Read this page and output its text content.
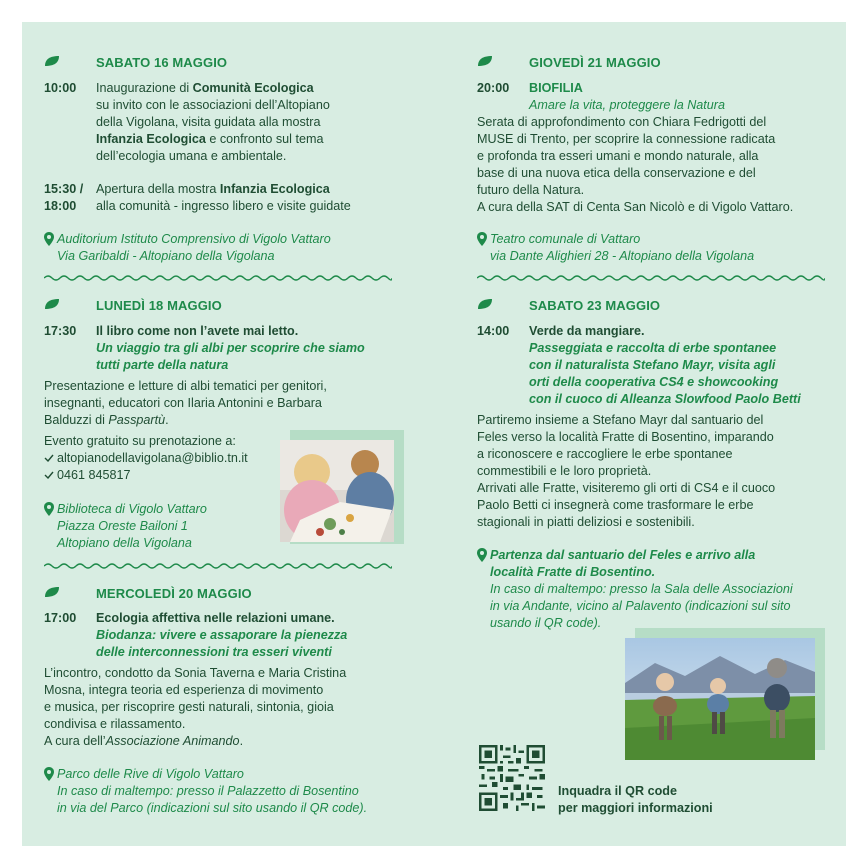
SABATO 16 MAGGIO
10:00 Inaugurazione di Comunità Ecologica
su invito con le associazioni dell’Altopiano
della Vigolana, visita guidata alla mostra
Infanzia Ecologica e confronto sul tema
dell’ecologia umana e ambientale.
15:30 /
18:00
Apertura della mostra Infanzia Ecologica
alla comunità - ingresso libero e visite guidate
Auditorium Istituto Comprensivo di Vigolo Vattaro
Via Garibaldi - Altopiano della Vigolana
LUNEDÌ 18 MAGGIO
17:30 Il libro come non l’avete mai letto.
Un viaggio tra gli albi per scoprire che siamo
tutti parte della natura
Presentazione e letture di albi tematici per genitori,
insegnanti, educatori con Ilaria Antonini e Barbara
Balduzzi di Passpartù.
Evento gratuito su prenotazione a:
altopianodellavigolana@biblio.tn.it
0461 845817
Biblioteca di Vigolo Vattaro
Piazza Oreste Bailoni 1
Altopiano della Vigolana
MERCOLEDÌ 20 MAGGIO
17:00 Ecologia affettiva nelle relazioni umane.
Biodanza: vivere e assaporare la pienezza
delle interconnessioni tra esseri viventi
L’incontro, condotto da Sonia Taverna e Maria Cristina
Mosna, integra teoria ed esperienza di movimento
e musica, per riscoprire gesti naturali, sintonia, gioia
condivisa e rilassamento.
A cura dell’Associazione Animando.
Parco delle Rive di Vigolo Vattaro
In caso di maltempo: presso il Palazzetto di Bosentino
in via del Parco (indicazioni sul sito usando il QR code).
GIOVEDÌ 21 MAGGIO
20:00 BIOFILIA
Amare la vita, proteggere la Natura
Serata di approfondimento con Chiara Fedrigotti del
MUSE di Trento, per scoprire la connessione radicata
e profonda tra esseri umani e mondo naturale, alla
base di una nuova etica della conservazione e del
futuro della Natura.
A cura della SAT di Centa San Nicolò e di Vigolo Vattaro.
Teatro comunale di Vattaro
via Dante Alighieri 28 - Altopiano della Vigolana
SABATO 23 MAGGIO
14:00 Verde da mangiare.
Passeggiata e raccolta di erbe spontanee
con il naturalista Stefano Mayr, visita agli
orti della cooperativa CS4 e showcooking
con il cuoco di Alleanza Slowfood Paolo Betti
Partiremo insieme a Stefano Mayr dal santuario del
Feles verso la località Fratte di Bosentino, imparando
a riconoscere e raccogliere le erbe spontanee
commestibili e le loro proprietà.
Arrivati alle Fratte, visiteremo gli orti di CS4 e il cuoco
Paolo Betti ci insegnerà come trasformare le erbe
stagionali in piatti deliziosi e sostenibili.
Partenza dal santuario del Feles e arrivo alla
località Fratte di Bosentino.
In caso di maltempo: presso la Sala delle Associazioni
in via Andante, vicino al Palavento (indicazioni sul sito
usando il QR code).
Inquadra il QR code
per maggiori informazioni
